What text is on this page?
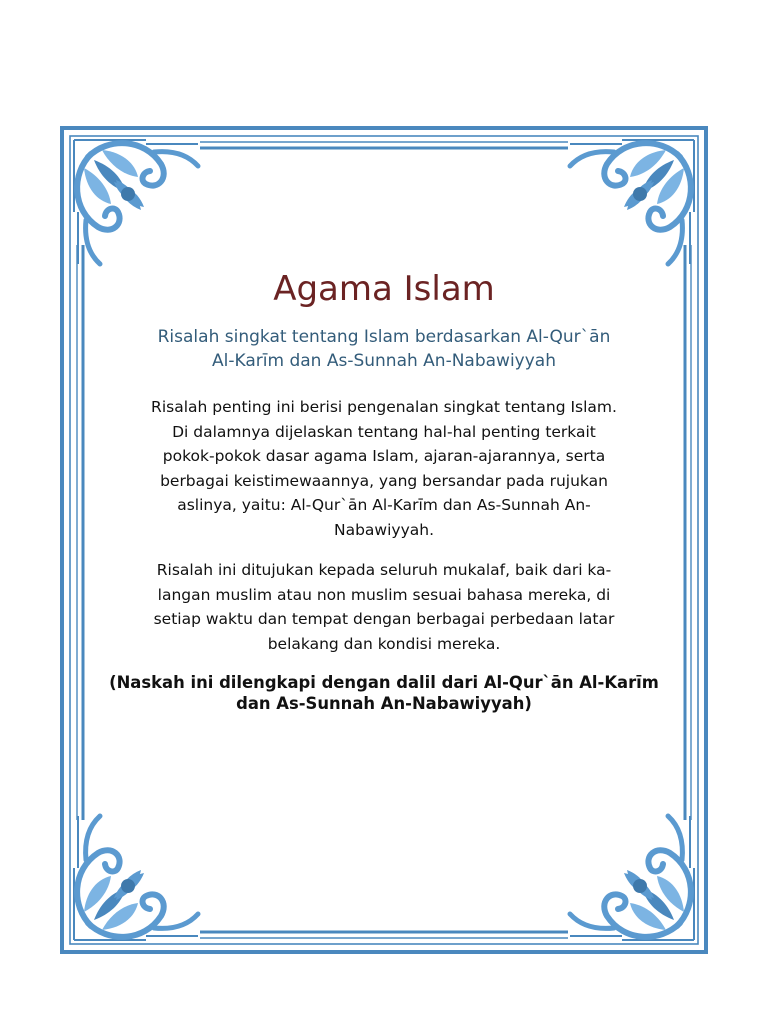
Agama Islam
Risalah singkat tentang Islam berdasarkan Al-Qur`ān Al-Karīm dan As-Sunnah An-Nabawiyyah

Risalah penting ini berisi pengenalan singkat tentang Islam. Di dalamnya dijelaskan tentang hal-hal penting terkait pokok-pokok dasar agama Islam, ajaran-ajarannya, serta berbagai keistimewaannya, yang bersandar pada rujukan aslinya, yaitu: Al-Qur`ān Al-Karīm dan As-Sunnah An-Nabawiyyah.

Risalah ini ditujukan kepada seluruh mukalaf, baik dari ka-langan muslim atau non muslim sesuai bahasa mereka, di setiap waktu dan tempat dengan berbagai perbedaan latar belakang dan kondisi mereka.

(Naskah ini dilengkapi dengan dalil dari Al-Qur`ān Al-Karīm dan As-Sunnah An-Nabawiyyah)
